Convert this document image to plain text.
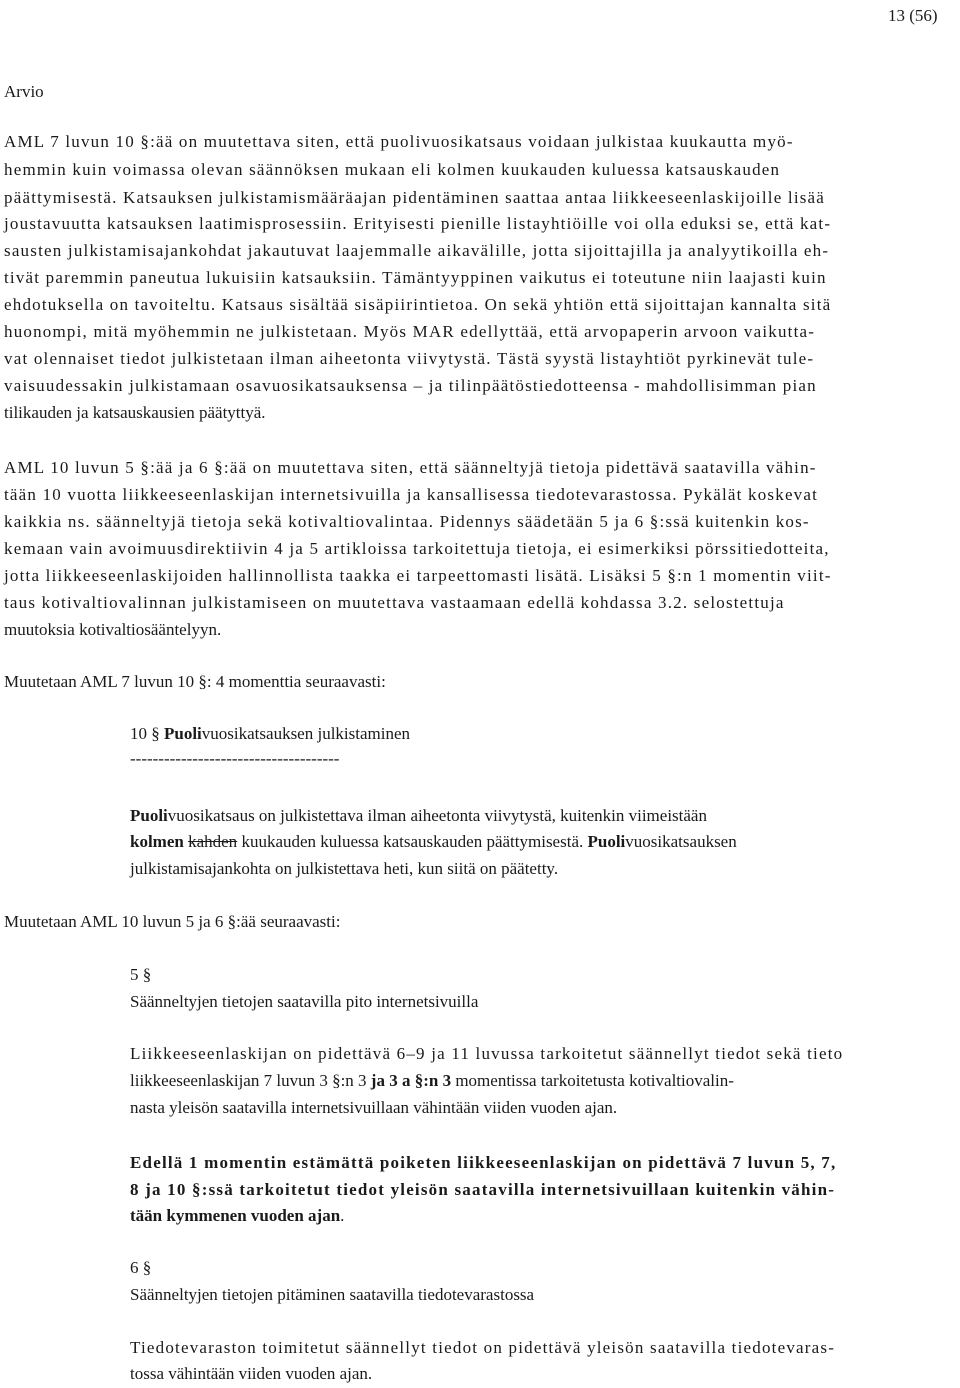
13 (56)
Arvio
AML 7 luvun 10 §:ää on muutettava siten, että puolivuosikatsaus voidaan julkistaa kuukautta myö-
hemmin kuin voimassa olevan säännöksen mukaan eli kolmen kuukauden kuluessa katsauskauden
päättymisestä. Katsauksen julkistamismääräajan pidentäminen saattaa antaa liikkeeseenlaskijoille lisää
joustavuutta katsauksen laatimisprosessiin. Erityisesti pienille listayhtiöille voi olla eduksi se, että kat-
sausten julkistamisajankohdat jakautuvat laajemmalle aikavälille, jotta sijoittajilla ja analyytikoilla eh-
tivät paremmin paneutua lukuisiin katsauksiin. Tämäntyyppinen vaikutus ei toteutune niin laajasti kuin
ehdotuksella on tavoiteltu. Katsaus sisältää sisäpiirintietoa. On sekä yhtiön että sijoittajan kannalta sitä
huonompi, mitä myöhemmin ne julkistetaan. Myös MAR edellyttää, että arvopaperin arvoon vaikutta-
vat olennaiset tiedot julkistetaan ilman aiheetonta viivytystä. Tästä syystä listayhtiöt pyrkinevät tule-
vaisuudessakin julkistamaan osavuosikatsauksensa – ja tilinpäätöstiedotteensa - mahdollisimman pian
tilikauden ja katsauskausien päätyttyä.
AML 10 luvun 5 §:ää ja 6 §:ää on muutettava siten, että säänneltyjä tietoja pidettävä saatavilla vähin-
tään 10 vuotta liikkeeseenlaskijan internetsivuilla ja kansallisessa tiedotevarastossa. Pykälät koskevat
kaikkia ns. säänneltyjä tietoja sekä kotivaltiovalintaa. Pidennys säädetään 5 ja 6 §:ssä kuitenkin kos-
kemaan vain avoimuusdirektiivin 4 ja 5 artikloissa tarkoitettuja tietoja, ei esimerkiksi pörssitiedotteita,
jotta liikkeeseenlaskijoiden hallinnollista taakka ei tarpeettomasti lisätä. Lisäksi 5 §:n 1 momentin viit-
taus kotivaltiovalinnan julkistamiseen on muutettava vastaamaan edellä kohdassa 3.2. selostettuja
muutoksia kotivaltiosääntelyyn.
Muutetaan AML 7 luvun 10 §: 4 momenttia seuraavasti:
10 § Puolivuosikatsauksen julkistaminen
-------------------------------------
Puolivuosikatsaus on julkistettava ilman aiheetonta viivytystä, kuitenkin viimeistään
kolmen kahden kuukauden kuluessa katsauskauden päättymisestä. Puolivuosikatsauksen
julkistamisajankohta on julkistettava heti, kun siitä on päätetty.
Muutetaan AML 10 luvun 5 ja 6 §:ää seuraavasti:
5 §
Säänneltyjen tietojen saatavilla pito internetsivuilla
Liikkeeseenlaskijan on pidettävä 6–9 ja 11 luvussa tarkoitetut säännellyt tiedot sekä tieto
liikkeeseenlaskijan 7 luvun 3 §:n 3 ja 3 a §:n 3 momentissa tarkoitetusta kotivaltiovalin-
nasta yleisön saatavilla internetsivuillaan vähintään viiden vuoden ajan.
Edellä 1 momentin estämättä poiketen liikkeeseenlaskijan on pidettävä 7 luvun 5, 7,
8 ja 10 §:ssä tarkoitetut tiedot yleisön saatavilla internetsivuillaan kuitenkin vähin-
tään kymmenen vuoden ajan.
6 §
Säänneltyjen tietojen pitäminen saatavilla tiedotevarastossa
Tiedotevaraston toimitetut säännellyt tiedot on pidettävä yleisön saatavilla tiedotevaras-
tossa vähintään viiden vuoden ajan.
